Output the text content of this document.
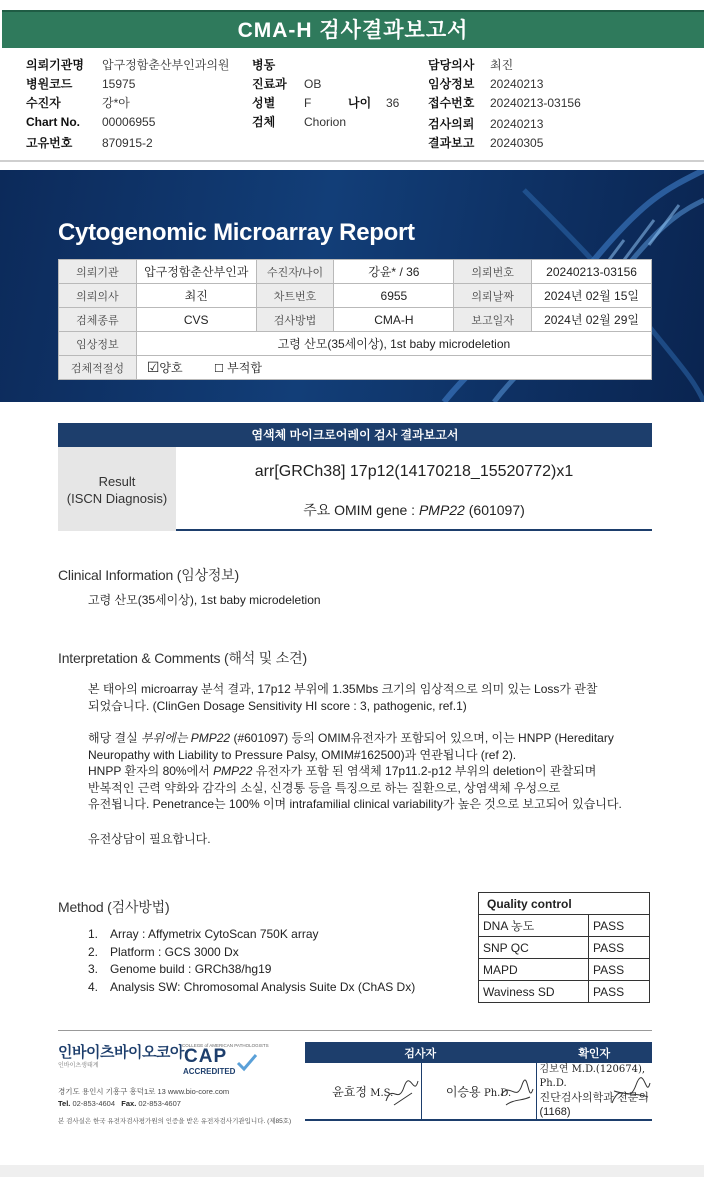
CMA-H 검사결과보고서
의뢰기관명 압구정함춘산부인과의원
병원코드 15975
수진자	강*아
Chart No. 00006955
고유번호 870915-2
병동
진료과 OB
성별 F	나이 36
검체 Chorion
담당의사 최진
임상정보 20240213
접수번호 20240213-03156
검사의뢰 20240213
결과보고 20240305
Cytogenomic Microarray Report
의뢰기관	압구정함춘산부인과	수진자/나이	강윤* / 36	의뢰번호	20240213-03156
의뢰의사	최진	차트번호	6955	의뢰날짜	2024년 02월 15일
검체종류	CVS	검사방법	CMA-H	보고일자	2024년 02월 29일
임상정보	고령 산모(35세이상), 1st baby microdeletion				
검체적절성	☑양호 ☐ 부적합				
염색체 마이크로어레이 검사 결과보고서
Result
(ISCN Diagnosis)
arr[GRCh38] 17p12(14170218_15520772)x1
주요 OMIM gene : PMP22 (601097)
Clinical Information (임상정보)
고령 산모(35세이상), 1st baby microdeletion
Interpretation & Comments (해석 및 소견)
본 태아의 microarray 분석 결과, 17p12 부위에 1.35Mbs 크기의 임상적으로 의미 있는 Loss가 관찰
되었습니다. (ClinGen Dosage Sensitivity HI score : 3, pathogenic, ref.1)
해당 결실 부위에는 PMP22 (#601097) 등의 OMIM유전자가 포함되어 있으며, 이는 HNPP (Hereditary
Neuropathy with Liability to Pressure Palsy, OMIM#162500)과 연관됩니다 (ref 2).
HNPP 환자의 80%에서 PMP22 유전자가 포함 된 염색체 17p11.2-p12 부위의 deletion이 관찰되며
반복적인 근력 약화와 감각의 소실, 신경통 등을 특징으로 하는 질환으로, 상염색체 우성으로
유전됩니다. Penetrance는 100% 이며 intrafamilial clinical variability가 높은 것으로 보고되어 있습니다.
유전상담이 필요합니다.
Method (검사방법)
1. Array : Affymetrix CytoScan 750K array
2. Platform : GCS 3000 Dx
3. Genome build : GRCh38/hg19
4. Analysis SW: Chromosomal Analysis Suite Dx (ChAS Dx)
Quality control	
DNA 농도	PASS
SNP QC	PASS
MAPD	PASS
Waviness SD	PASS
인바이츠바이오코아
인바이츠생태계
COLLEGE of AMERICAN PATHOLOGISTS
CAP
ACCREDITED
경기도 용인시 기흥구 흥덕1로 13 www.bio-core.com
Tel. 02-853-4604 Fax. 02-853-4607
본 검사실은 한국 유전자검사평가원의 인증을 받은 유전자검사기관입니다. (제85호)
검사자		확인자
윤효정 M.S.	이승용 Ph.D.	김보연 M.D.(120674), Ph.D.
진단검사의학과 전문의(1168)
